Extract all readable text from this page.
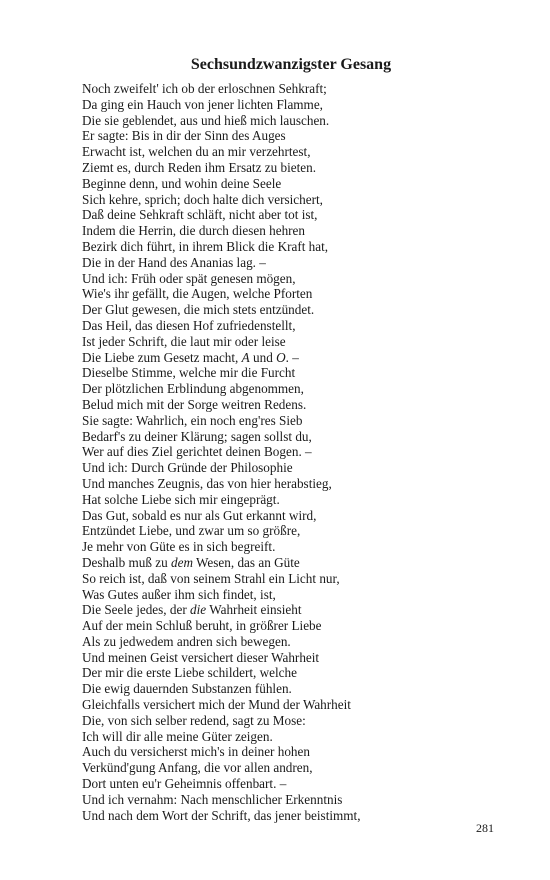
Sechsundzwanzigster Gesang
Noch zweifelt' ich ob der erloschnen Sehkraft;
Da ging ein Hauch von jener lichten Flamme,
Die sie geblendet, aus und hieß mich lauschen.
Er sagte: Bis in dir der Sinn des Auges
Erwacht ist, welchen du an mir verzehrtest,
Ziemt es, durch Reden ihm Ersatz zu bieten.
Beginne denn, und wohin deine Seele
Sich kehre, sprich; doch halte dich versichert,
Daß deine Sehkraft schläft, nicht aber tot ist,
Indem die Herrin, die durch diesen hehren
Bezirk dich führt, in ihrem Blick die Kraft hat,
Die in der Hand des Ananias lag. –
Und ich: Früh oder spät genesen mögen,
Wie's ihr gefällt, die Augen, welche Pforten
Der Glut gewesen, die mich stets entzündet.
Das Heil, das diesen Hof zufriedenstellt,
Ist jeder Schrift, die laut mir oder leise
Die Liebe zum Gesetz macht, A und O. –
Dieselbe Stimme, welche mir die Furcht
Der plötzlichen Erblindung abgenommen,
Belud mich mit der Sorge weitren Redens.
Sie sagte: Wahrlich, ein noch eng'res Sieb
Bedarf's zu deiner Klärung; sagen sollst du,
Wer auf dies Ziel gerichtet deinen Bogen. –
Und ich: Durch Gründe der Philosophie
Und manches Zeugnis, das von hier herabstieg,
Hat solche Liebe sich mir eingeprägt.
Das Gut, sobald es nur als Gut erkannt wird,
Entzündet Liebe, und zwar um so größre,
Je mehr von Güte es in sich begreift.
Deshalb muß zu dem Wesen, das an Güte
So reich ist, daß von seinem Strahl ein Licht nur,
Was Gutes außer ihm sich findet, ist,
Die Seele jedes, der die Wahrheit einsieht
Auf der mein Schluß beruht, in größrer Liebe
Als zu jedwedem andren sich bewegen.
Und meinen Geist versichert dieser Wahrheit
Der mir die erste Liebe schildert, welche
Die ewig dauernden Substanzen fühlen.
Gleichfalls versichert mich der Mund der Wahrheit
Die, von sich selber redend, sagt zu Mose:
Ich will dir alle meine Güter zeigen.
Auch du versicherst mich's in deiner hohen
Verkünd'gung Anfang, die vor allen andren,
Dort unten eu'r Geheimnis offenbart. –
Und ich vernahm: Nach menschlicher Erkenntnis
Und nach dem Wort der Schrift, das jener beistimmt,
281
